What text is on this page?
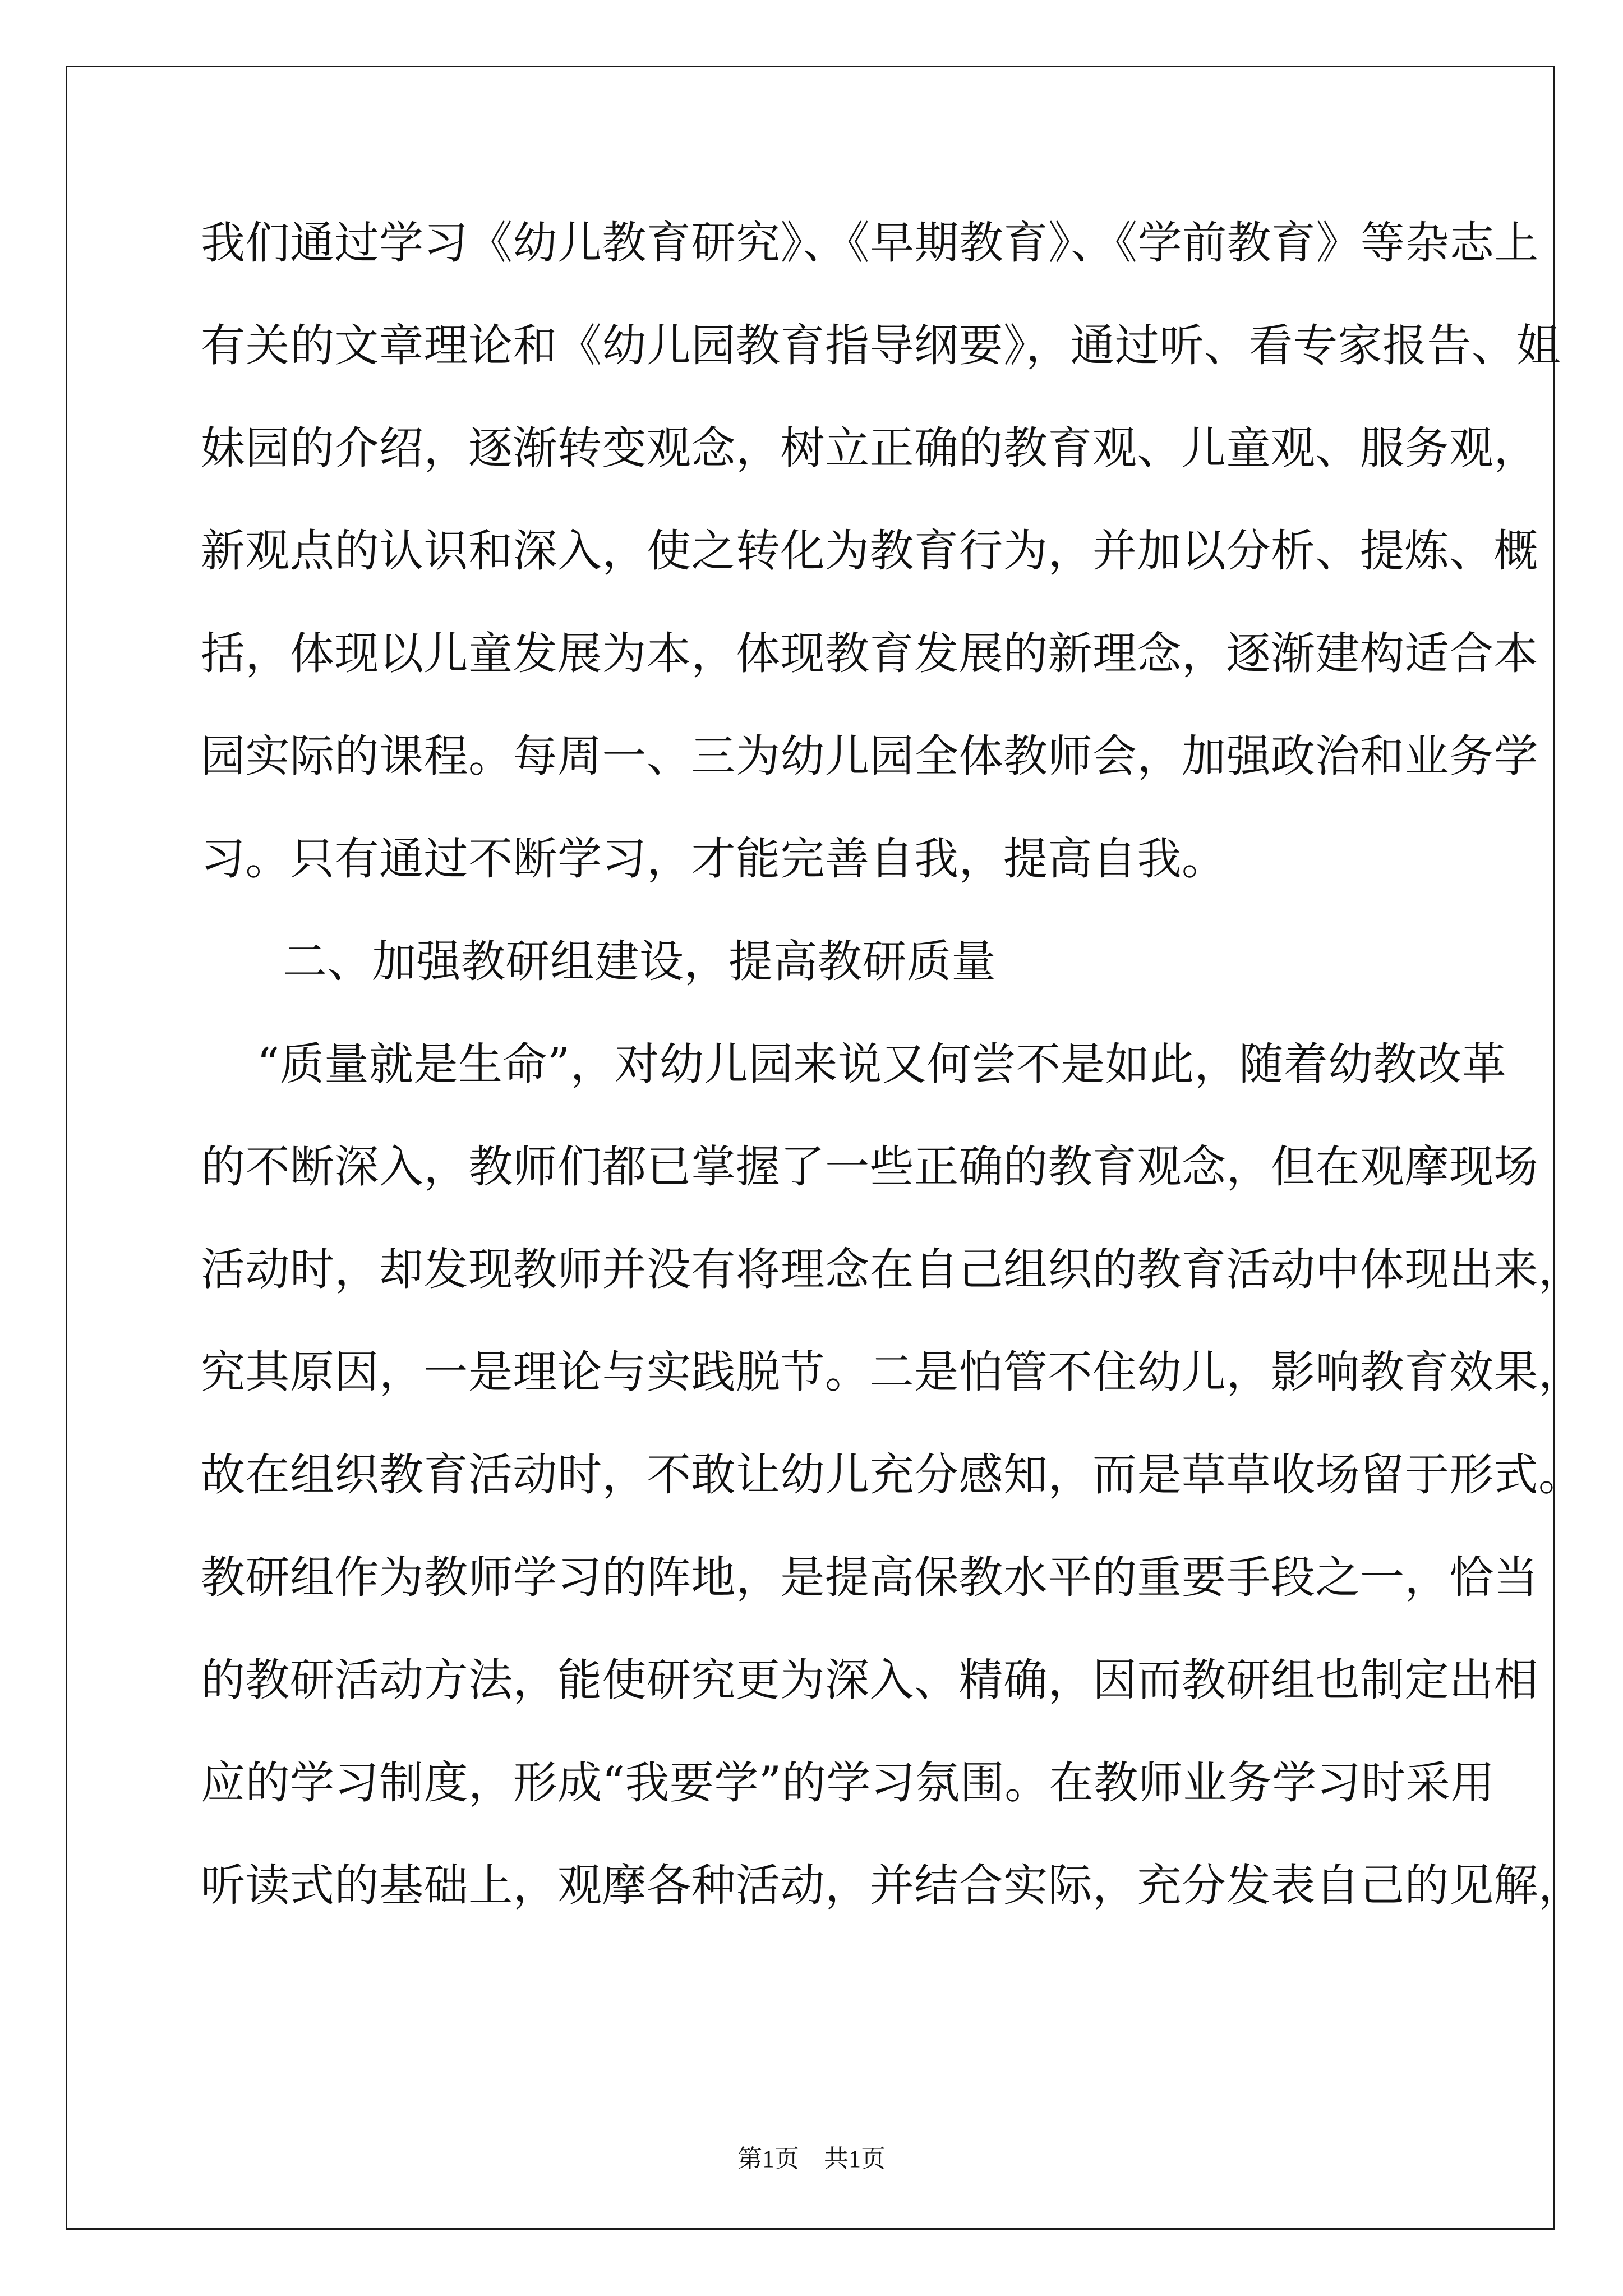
我们通过学习《幼儿教育研究》、《早期教育》、《学前教育》等杂志上
有关的文章理论和《幼儿园教育指导纲要》，通过听、看专家报告、姐
妹园的介绍，逐渐转变观念，树立正确的教育观、儿童观、服务观，
新观点的认识和深入，使之转化为教育行为，并加以分析、提炼、概
括，体现以儿童发展为本，体现教育发展的新理念，逐渐建构适合本
园实际的课程。每周一、三为幼儿园全体教师会，加强政治和业务学
习。只有通过不断学习，才能完善自我，提高自我。
二、加强教研组建设，提高教研质量
“质量就是生命”，对幼儿园来说又何尝不是如此，随着幼教改革
的不断深入，教师们都已掌握了一些正确的教育观念，但在观摩现场
活动时，却发现教师并没有将理念在自己组织的教育活动中体现出来，
究其原因，一是理论与实践脱节。二是怕管不住幼儿，影响教育效果，
故在组织教育活动时，不敢让幼儿充分感知，而是草草收场留于形式。
教研组作为教师学习的阵地，是提高保教水平的重要手段之一，恰当
的教研活动方法，能使研究更为深入、精确，因而教研组也制定出相
应的学习制度，形成“我要学”的学习氛围。在教师业务学习时采用
听读式的基础上，观摩各种活动，并结合实际，充分发表自己的见解，
第1页　共1页
